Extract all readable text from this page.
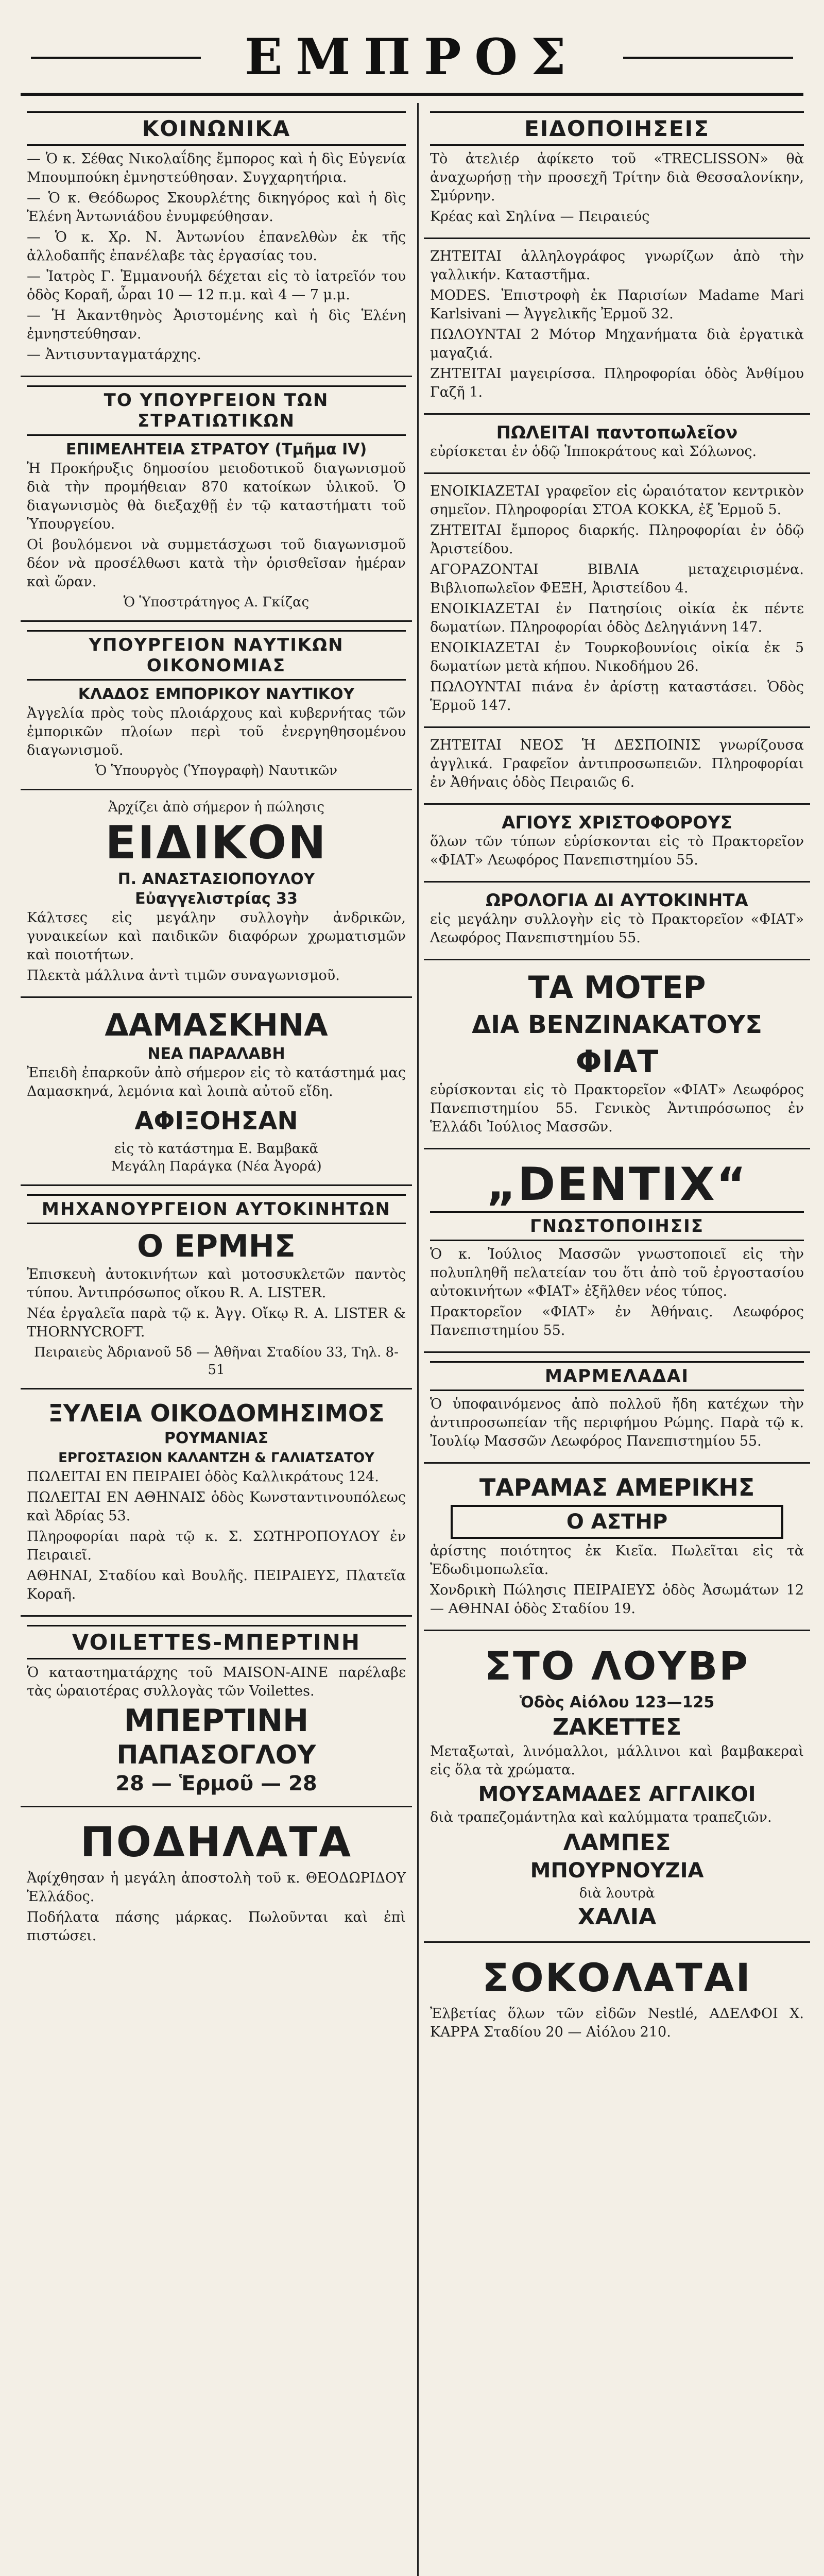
ΕΜΠΡΟΣ
ΚΟΙΝΩΝΙΚΑ

— Ὁ κ. Σέθας Νικολαΐδης ἔμπορος καὶ ἡ δὶς Εὐγενία Μπουμπούκη ἐμνηστεύθησαν. Συγχαρητήρια.

— Ὁ κ. Θεόδωρος Σκουρλέτης δικηγόρος καὶ ἡ δὶς Ἑλένη Ἀντωνιάδου ἐνυμφεύθησαν.

— Ὁ κ. Χρ. Ν. Ἀντωνίου ἐπανελθὼν ἐκ τῆς ἀλλοδαπῆς ἐπανέλαβε τὰς ἐργασίας του.

— Ἰατρὸς Γ. Ἐμμανουήλ δέχεται εἰς τὸ ἰατρεῖόν του ὁδὸς Κοραῆ, ὧραι 10 — 12 π.μ. καὶ 4 — 7 μ.μ.

— Ἡ Ἀκαντθηνὸς Ἀριστομένης καὶ ἡ δὶς Ἑλένη ἐμνηστεύθησαν.

— Ἀντισυνταγματάρχης.

ΤΟ ΥΠΟΥΡΓΕΙΟΝ ΤΩΝ ΣΤΡΑΤΙΩΤΙΚΩΝ
ΕΠΙΜΕΛΗΤΕΙΑ ΣΤΡΑΤΟΥ (Τμῆμα IV)

Ἡ Προκήρυξις δημοσίου μειοδοτικοῦ διαγωνισμοῦ διὰ τὴν προμήθειαν 870 κατοίκων ὑλικοῦ. Ὁ διαγωνισμὸς θὰ διεξαχθῇ ἐν τῷ καταστήματι τοῦ Ὑπουργείου.

Οἱ βουλόμενοι νὰ συμμετάσχωσι τοῦ διαγωνισμοῦ δέον νὰ προσέλθωσι κατὰ τὴν ὁρισθεῖσαν ἡμέραν καὶ ὥραν.

Ὁ Ὑποστράτηγος Α. Γκίζας
ΥΠΟΥΡΓΕΙΟΝ ΝΑΥΤΙΚΩΝ ΟΙΚΟΝΟΜΙΑΣ
ΚΛΑΔΟΣ ΕΜΠΟΡΙΚΟΥ ΝΑΥΤΙΚΟΥ

Ἀγγελία πρὸς τοὺς πλοιάρχους καὶ κυβερνήτας τῶν ἐμπορικῶν πλοίων περὶ τοῦ ἐνεργηθησομένου διαγωνισμοῦ.

Ὁ Ὑπουργὸς (Ὑπογραφὴ) Ναυτικῶν
Ἀρχίζει ἀπὸ σήμερον ἡ πώλησις
ΕΙΔΙΚΟΝ
Π. ΑΝΑΣΤΑΣΙΟΠΟΥΛΟΥ
Εὐαγγελιστρίας 33

Κάλτσες εἰς μεγάλην συλλογὴν ἀνδρικῶν, γυναικείων καὶ παιδικῶν διαφόρων χρωματισμῶν καὶ ποιοτήτων.

Πλεκτὰ μάλλινα ἀντὶ τιμῶν συναγωνισμοῦ.

ΔΑΜΑΣΚΗΝΑ
ΝΕΑ ΠΑΡΑΛΑΒΗ

Ἐπειδὴ ἐπαρκοῦν ἀπὸ σήμερον εἰς τὸ κατάστημά μας Δαμασκηνά, λεμόνια καὶ λοιπὰ αὐτοῦ εἴδη.

ΑΦΙΞΟΗΣΑΝ
εἰς τὸ κατάστημα Ε. Βαμβακᾶ
Μεγάλη Παράγκα (Νέα Ἀγορά)
ΜΗΧΑΝΟΥΡΓΕΙΟΝ ΑΥΤΟΚΙΝΗΤΩΝ
Ο ΕΡΜΗΣ

Ἐπισκευὴ ἀυτοκινήτων καὶ μοτοσυκλετῶν παντὸς τύπου. Ἀντιπρόσωπος οἴκου R. A. LISTER.

Νέα ἐργαλεῖα παρὰ τῷ κ. Ἀγγ. Οἴκῳ R. A. LISTER & THORNYCROFT.

Πειραιεὺς Ἀδριανοῦ 5δ — Ἀθῆναι Σταδίου 33, Τηλ. 8-51
ΞΥΛΕΙΑ ΟΙΚΟΔΟΜΗΣΙΜΟΣ
ΡΟΥΜΑΝΙΑΣ
ΕΡΓΟΣΤΑΣΙΟΝ ΚΑΛΑΝΤΖΗ & ΓΑΛΙΑΤΣΑΤΟΥ

ΠΩΛΕΙΤΑΙ ΕΝ ΠΕΙΡΑΙΕΙ ὁδὸς Καλλικράτους 124.

ΠΩΛΕΙΤΑΙ ΕΝ ΑΘΗΝΑΙΣ ὁδὸς Κωνσταντινουπόλεως καὶ Ἀδρίας 53.

Πληροφορίαι παρὰ τῷ κ. Σ. ΣΩΤΗΡΟΠΟΥΛΟΥ ἐν Πειραιεῖ.

ΑΘΗΝΑΙ, Σταδίου καὶ Βουλῆς. ΠΕΙΡΑΙΕΥΣ, Πλατεῖα Κοραῆ.

VOILETTES-ΜΠΕΡΤΙΝΗ

Ὁ καταστηματάρχης τοῦ MAISON-AINE παρέλαβε τὰς ὡραιοτέρας συλλογὰς τῶν Voilettes.

ΜΠΕΡΤΙΝΗ
ΠΑΠΑΣΟΓΛΟΥ
28 — Ἑρμοῦ — 28
ΠΟΔΗΛΑΤΑ

Ἀφίχθησαν ἡ μεγάλη ἀποστολὴ τοῦ κ. ΘΕΟΔΩΡΙΔΟΥ Ἑλλάδος.

Ποδήλατα πάσης μάρκας. Πωλοῦνται καὶ ἐπὶ πιστώσει.

ΕΙΔΟΠΟΙΗΣΕΙΣ

Τὸ ἀτελιέρ ἀφίκετο τοῦ «TRECLISSON» θὰ ἀναχωρήσῃ τὴν προσεχῆ Τρίτην διὰ Θεσσαλονίκην, Σμύρνην.

Κρέας καὶ Σηλίνα — Πειραιεύς

ΖΗΤΕΙΤΑΙ ἀλληλογράφος γνωρίζων ἀπὸ τὴν γαλλικήν. Καταστῆμα.

MODES. Ἐπιστροφὴ ἐκ Παρισίων Madame Mari Karlsivani — Ἀγγελικῆς Ἐρμοῦ 32.

ΠΩΛΟΥΝΤΑΙ 2 Μότορ Μηχανήματα διὰ ἐργατικὰ μαγαζιά.

ΖΗΤΕΙΤΑΙ μαγειρίσσα. Πληροφορίαι ὁδὸς Ἀνθίμου Γαζῆ 1.

ΠΩΛΕΙΤΑΙ παντοπωλεῖον

εὐρίσκεται ἐν ὁδῷ Ἱπποκράτους καὶ Σόλωνος.

ΕΝΟΙΚΙΑΖΕΤΑΙ γραφεῖον εἰς ὡραιότατον κεντρικὸν σημεῖον. Πληροφορίαι ΣΤΟΑ ΚΟΚΚΑ, ἐξ Ἑρμοῦ 5.

ΖΗΤΕΙΤΑΙ ἔμπορος διαρκής. Πληροφορίαι ἐν ὁδῷ Ἀριστείδου.

ΑΓΟΡΑΖΟΝΤΑΙ ΒΙΒΛΙΑ μεταχειρισμένα. Βιβλιοπωλεῖον ΦΕΞΗ, Ἀριστείδου 4.

ΕΝΟΙΚΙΑΖΕΤΑΙ ἐν Πατησίοις οἰκία ἐκ πέντε δωματίων. Πληροφορίαι ὁδὸς Δεληγιάννη 147.

ΕΝΟΙΚΙΑΖΕΤΑΙ ἐν Τουρκοβουνίοις οἰκία ἐκ 5 δωματίων μετὰ κήπου. Νικοδήμου 26.

ΠΩΛΟΥΝΤΑΙ πιάνα ἐν ἀρίστῃ καταστάσει. Ὁδὸς Ἑρμοῦ 147.

ΖΗΤΕΙΤΑΙ ΝΕΟΣ Ἡ ΔΕΣΠΟΙΝΙΣ γνωρίζουσα ἀγγλικά. Γραφεῖον ἀντιπροσωπειῶν. Πληροφορίαι ἐν Ἀθήναις ὁδὸς Πειραιῶς 6.

ΑΓΙΟΥΣ ΧΡΙΣΤΟΦΟΡΟΥΣ

ὅλων τῶν τύπων εὑρίσκονται εἰς τὸ Πρακτορεῖον «ΦΙΑΤ» Λεωφόρος Πανεπιστημίου 55.

ΩΡΟΛΟΓΙΑ ΔΙ ΑΥΤΟΚΙΝΗΤΑ

εἰς μεγάλην συλλογὴν εἰς τὸ Πρακτορεῖον «ΦΙΑΤ» Λεωφόρος Πανεπιστημίου 55.

ΤΑ ΜΟΤΕΡ
ΔΙΑ ΒΕΝΖΙΝΑΚΑΤΟΥΣ
ΦΙΑΤ

εὑρίσκονται εἰς τὸ Πρακτορεῖον «ΦΙΑΤ» Λεωφόρος Πανεπιστημίου 55. Γενικὸς Ἀντιπρόσωπος ἐν Ἑλλάδι Ἰούλιος Μασσῶν.

„DENTIX“
ΓΝΩΣΤΟΠΟΙΗΣΙΣ

Ὁ κ. Ἰούλιος Μασσῶν γνωστοποιεῖ εἰς τὴν πολυπληθῆ πελατείαν του ὅτι ἀπὸ τοῦ ἐργοστασίου αὐτοκινήτων «ΦΙΑΤ» ἐξῆλθεν νέος τύπος.

Πρακτορεῖον «ΦΙΑΤ» ἐν Ἀθήναις. Λεωφόρος Πανεπιστημίου 55.

ΜΑΡΜΕΛΑΔΑΙ

Ὁ ὑποφαινόμενος ἀπὸ πολλοῦ ἤδη κατέχων τὴν ἀντιπροσωπείαν τῆς περιφήμου Ρώμης. Παρὰ τῷ κ. Ἰουλίῳ Μασσῶν Λεωφόρος Πανεπιστημίου 55.

ΤΑΡΑΜΑΣ ΑΜΕΡΙΚΗΣ
Ο ΑΣΤΗΡ

ἀρίστης ποιότητος ἐκ Κιεῖα. Πωλεῖται εἰς τὰ Ἐδωδιμοπωλεῖα.

Χονδρικὴ Πώλησις ΠΕΙΡΑΙΕΥΣ ὁδὸς Ἀσωμάτων 12 — ΑΘΗΝΑΙ ὁδὸς Σταδίου 19.

ΣΤΟ ΛΟΥΒΡ
Ὁδὸς Αἰόλου 123—125
ΖΑΚΕΤΤΕΣ

Μεταξωταὶ, λινόμαλλοι, μάλλινοι καὶ βαμβακεραὶ εἰς ὅλα τὰ χρώματα.

ΜΟΥΣΑΜΑΔΕΣ ΑΓΓΛΙΚΟΙ

διὰ τραπεζομάντηλα καὶ καλύμματα τραπεζιῶν.

ΛΑΜΠΕΣ
ΜΠΟΥΡΝΟΥΖΙΑ
διὰ λουτρὰ
ΧΑΛΙΑ
ΣΟΚΟΛΑΤΑΙ

Ἐλβετίας ὅλων τῶν εἰδῶν Nestlé, ΑΔΕΛΦΟΙ Χ. ΚΑΡΡΑ Σταδίου 20 — Αἰόλου 210.
